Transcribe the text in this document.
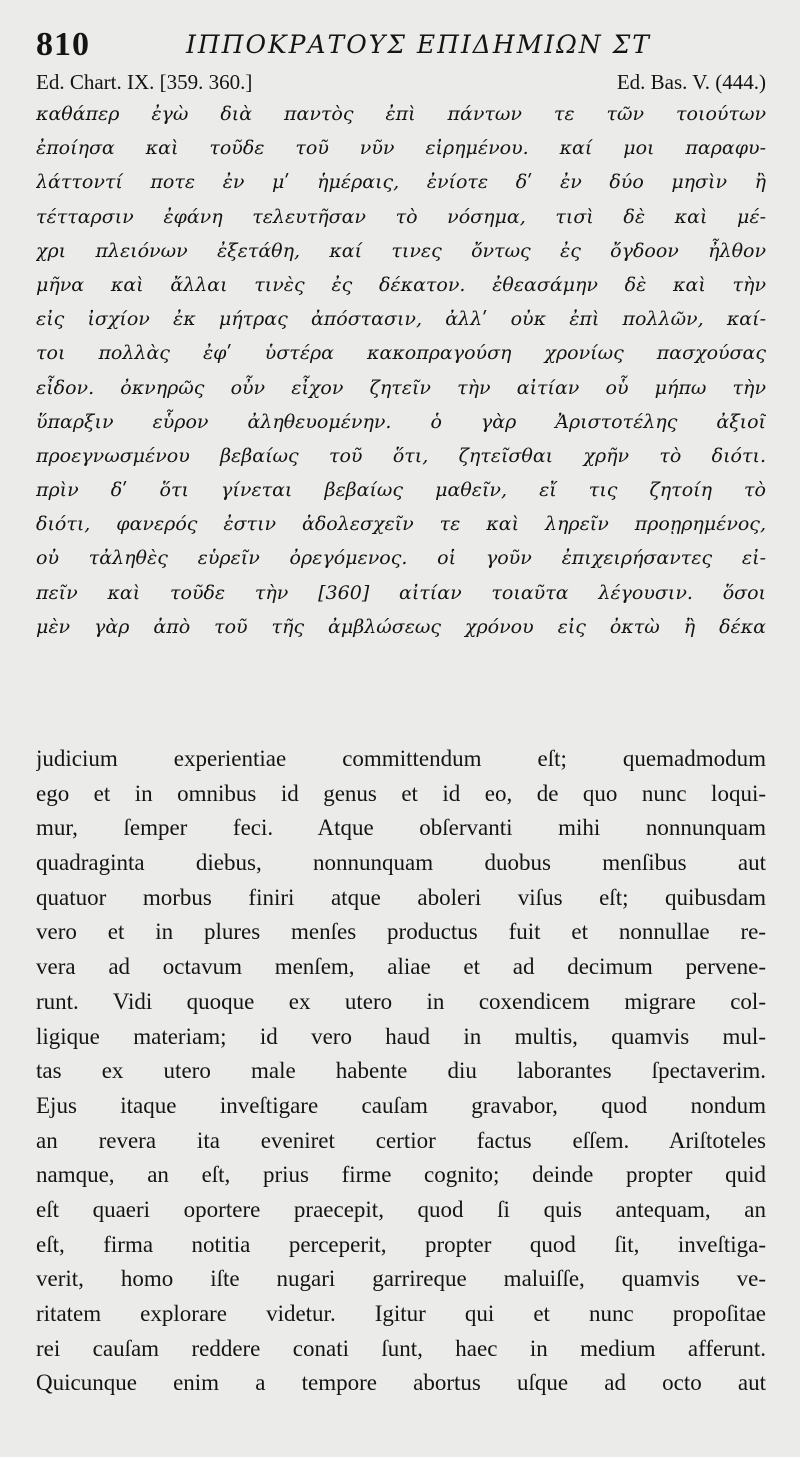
810	ΙΠΠΟΚΡΑΤΟΥΣ ΕΠΙΔΗΜΙΩΝ ΣΤ
Ed. Chart. IX. [359. 360.]	Ed. Bas. V. (444.)
καθάπερ ἐγὼ διὰ παντὸς ἐπὶ πάντων τε τῶν τοιούτων
ἐποίησα καὶ τοῦδε τοῦ νῦν εἰρημένου. καί μοι παραφυ-
λάττοντί ποτε ἐν μʹ ἡμέραις, ἐνίοτε δʹ ἐν δύο μησὶν ἢ
τέτταρσιν ἐφάνη τελευτῆσαν τὸ νόσημα, τισὶ δὲ καὶ μέ-
χρι πλειόνων ἐξετάθη, καί τινες ὄντως ἐς ὄγδοον ἦλθον
μῆνα καὶ ἄλλαι τινὲς ἐς δέκατον. ἐθεασάμην δὲ καὶ τὴν
εἰς ἰσχίον ἐκ μήτρας ἀπόστασιν, ἀλλʹ οὐκ ἐπὶ πολλῶν, καί-
τοι πολλὰς ἐφʹ ὑστέρα κακοπραγούση χρονίως πασχούσας
εἶδον. ὀκνηρῶς οὖν εἶχον ζητεῖν τὴν αἰτίαν οὗ μήπω τὴν
ὕπαρξιν εὗρον ἀληθευομένην. ὁ γὰρ Ἀριστοτέλης ἀξιοῖ
προεγνωσμένου βεβαίως τοῦ ὅτι, ζητεῖσθαι χρῆν τὸ διότι.
πρὶν δʹ ὅτι γίνεται βεβαίως μαθεῖν, εἴ τις ζητοίη τὸ
διότι, φανερός ἐστιν ἀδολεσχεῖν τε καὶ ληρεῖν προῃρημένος,
οὐ τἀληθὲς εὑρεῖν ὀρεγόμενος. οἱ γοῦν ἐπιχειρήσαντες εἰ-
πεῖν καὶ τοῦδε τὴν [360] αἰτίαν τοιαῦτα λέγουσιν. ὅσοι
μὲν γὰρ ἀπὸ τοῦ τῆς ἀμβλώσεως χρόνου εἰς ὀκτὼ ἢ δέκα
judicium experientiae committendum eſt; quemadmodum
ego et in omnibus id genus et id eo, de quo nunc loqui-
mur, ſemper feci. Atque obſervanti mihi nonnunquam
quadraginta diebus, nonnunquam duobus menſibus aut
quatuor morbus finiri atque aboleri viſus eſt; quibusdam
vero et in plures menſes productus fuit et nonnullae re-
vera ad octavum menſem, aliae et ad decimum pervene-
runt. Vidi quoque ex utero in coxendicem migrare col-
ligique materiam; id vero haud in multis, quamvis mul-
tas ex utero male habente diu laborantes ſpectaverim.
Ejus itaque inveſtigare cauſam gravabor, quod nondum
an revera ita eveniret certior factus eſſem. Ariſtoteles
namque, an eſt, prius firme cognito; deinde propter quid
eſt quaeri oportere praecepit, quod ſi quis antequam, an
eſt, firma notitia perceperit, propter quod ſit, inveſtiga-
verit, homo iſte nugari garrireque maluiſſe, quamvis ve-
ritatem explorare videtur. Igitur qui et nunc propoſitae
rei cauſam reddere conati ſunt, haec in medium afferunt.
Quicunque enim a tempore abortus uſque ad octo aut
